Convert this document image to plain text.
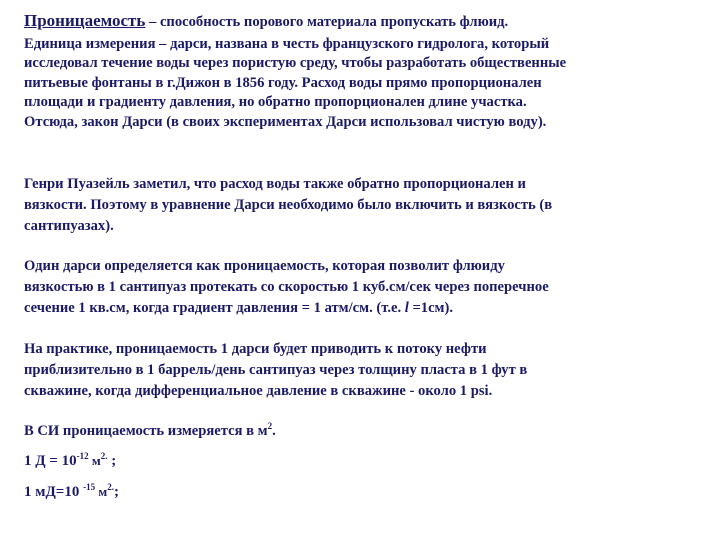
Проницаемость – способность порового материала пропускать флюид.
Единица измерения – дарси, названа в честь французского гидролога, который
исследовал течение воды через пористую среду, чтобы разработать общественные
питьевые фонтаны в г.Дижон в 1856 году. Расход воды прямо пропорционален
площади и градиенту давления, но обратно пропорционален длине участка.
Отсюда, закон Дарси (в своих экспериментах Дарси использовал чистую воду).
Генри Пуазейль заметил, что расход воды также обратно пропорционален и
вязкости. Поэтому в уравнение Дарси необходимо было включить и вязкость (в
сантипуазах).
Один дарси определяется как проницаемость, которая позволит флюиду
вязкостью в 1 сантипуаз протекать со скоростью 1 куб.см/сек через поперечное
сечение 1 кв.см, когда градиент давления = 1 атм/см. (т.е. l =1см).
На практике, проницаемость 1 дарси будет приводить к потоку нефти
приблизительно в 1 баррель/день сантипуаз через толщину пласта в 1 фут в
скважине, когда дифференциальное давление в скважине - около 1 psi.
В СИ проницаемость измеряется в $м^2$.
1 $Д = 10^{-12}$ $м^{2.}$ ;
1 мД=10 $^{-15}$ $м^{2.}$;
